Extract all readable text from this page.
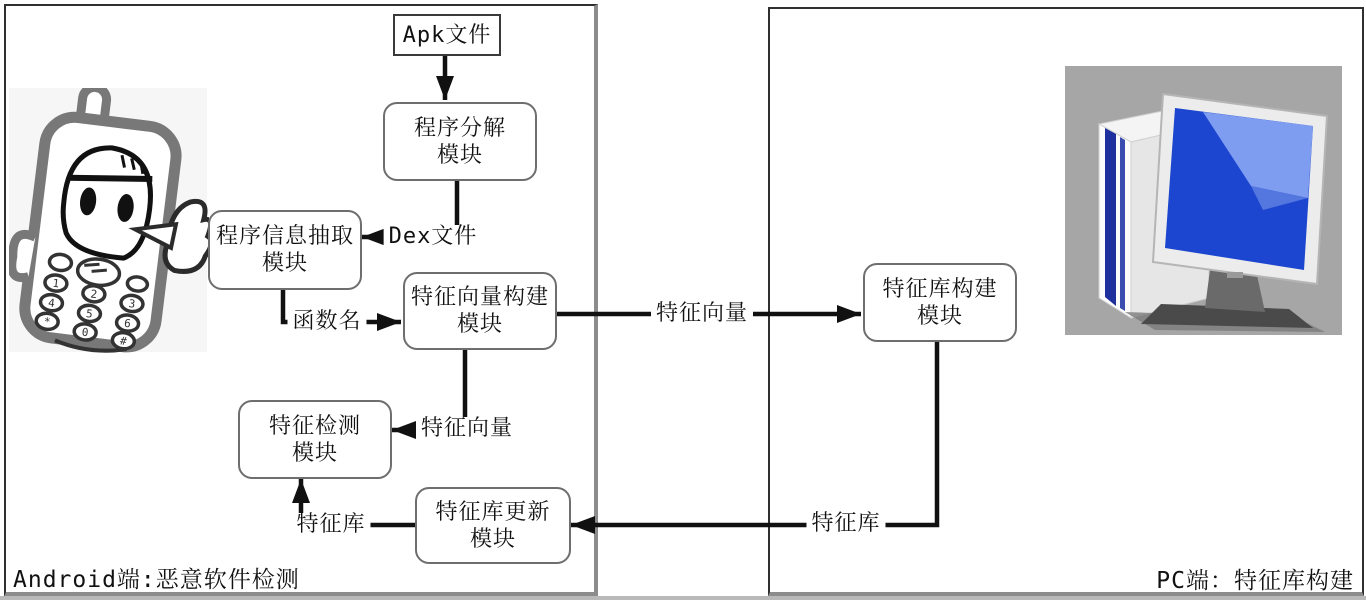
1
2
3
4
5
6
*
0
#
Apk文件
程序分解
模块
程序信息抽取
模块
特征向量构建
模块
特征检测
模块
特征库更新
模块
特征库构建
模块
Dex文件
函数名	特征向量
特征向量
特征库	特征库
Android端:恶意软件检测	PC端：特征库构建
